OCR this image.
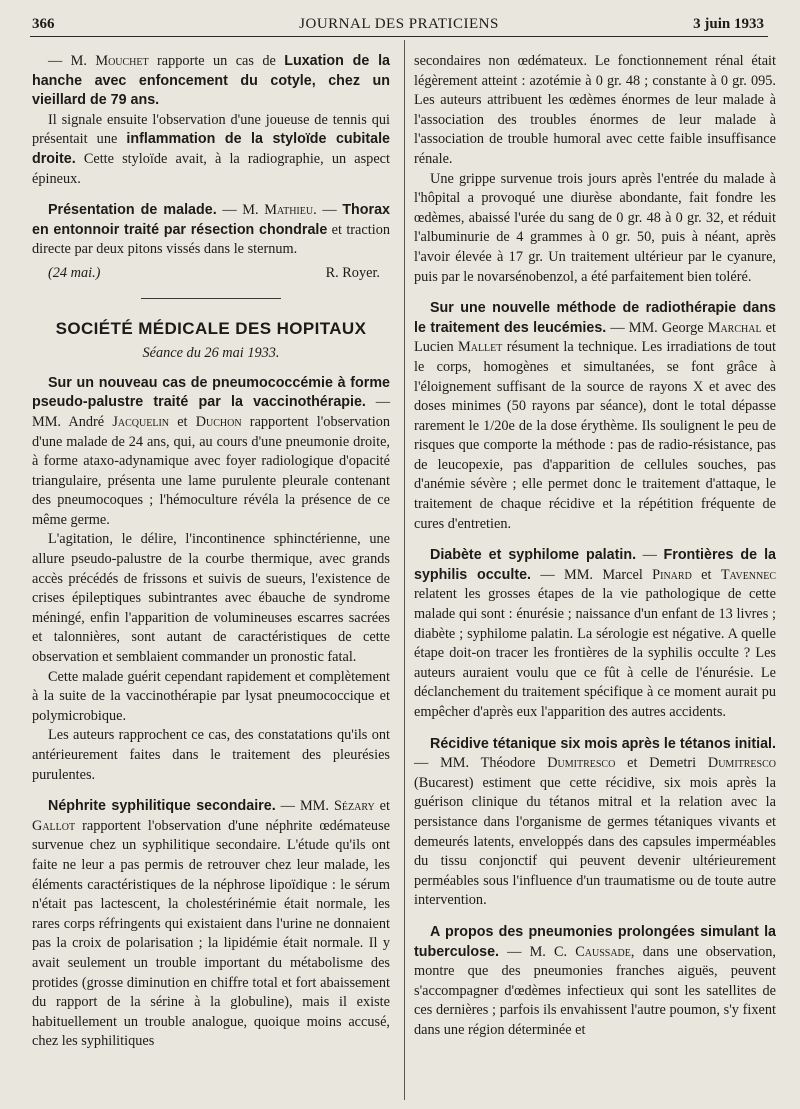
366	JOURNAL DES PRATICIENS	3 juin 1933

— M. Mouchet rapporte un cas de Luxation de la hanche avec enfoncement du cotyle, chez un vieillard de 79 ans.

Il signale ensuite l'observation d'une joueuse de tennis qui présentait une inflammation de la styloïde cubitale droite. Cette styloïde avait, à la radiographie, un aspect épineux.

Présentation de malade. — M. Mathieu. — Thorax en entonnoir traité par résection chondrale et traction directe par deux pitons vissés dans le sternum.

(24 mai.)	R. Royer.
SOCIÉTÉ MÉDICALE DES HOPITAUX
Séance du 26 mai 1933.

Sur un nouveau cas de pneumococcémie à forme pseudo-palustre traité par la vaccinothérapie. — MM. André Jacquelin et Duchon rapportent l'observation d'une malade de 24 ans, qui, au cours d'une pneumonie droite, à forme ataxo-adynamique avec foyer radiologique d'opacité triangulaire, présenta une lame purulente pleurale contenant des pneumocoques ; l'hémoculture révéla la présence de ce même germe.

L'agitation, le délire, l'incontinence sphinctérienne, une allure pseudo-palustre de la courbe thermique, avec grands accès précédés de frissons et suivis de sueurs, l'existence de crises épileptiques subintrantes avec ébauche de syndrome méningé, enfin l'apparition de volumineuses escarres sacrées et talonnières, sont autant de caractéristiques de cette observation et semblaient commander un pronostic fatal.

Cette malade guérit cependant rapidement et complètement à la suite de la vaccinothérapie par lysat pneumococcique et polymicrobique.

Les auteurs rapprochent ce cas, des constatations qu'ils ont antérieurement faites dans le traitement des pleurésies purulentes.

Néphrite syphilitique secondaire. — MM. Sézary et Gallot rapportent l'observation d'une néphrite œdémateuse survenue chez un syphilitique secondaire. L'étude qu'ils ont faite ne leur a pas permis de retrouver chez leur malade, les éléments caractéristiques de la néphrose lipoïdique : le sérum n'était pas lactescent, la cholestérinémie était normale, les rares corps réfringents qui existaient dans l'urine ne donnaient pas la croix de polarisation ; la lipidémie était normale. Il y avait seulement un trouble important du métabolisme des protides (grosse diminution en chiffre total et fort abaissement du rapport de la sérine à la globuline), mais il existe habituellement un trouble analogue, quoique moins accusé, chez les syphilitiques

secondaires non œdémateux. Le fonctionnement rénal était légèrement atteint : azotémie à 0 gr. 48 ; constante à 0 gr. 095. Les auteurs attribuent les œdèmes énormes de leur malade à l'association des troubles énormes de leur malade à l'association de trouble humoral avec cette faible insuffisance rénale.

Une grippe survenue trois jours après l'entrée du malade à l'hôpital a provoqué une diurèse abondante, fait fondre les œdèmes, abaissé l'urée du sang de 0 gr. 48 à 0 gr. 32, et réduit l'albuminurie de 4 grammes à 0 gr. 50, puis à néant, après l'avoir élevée à 17 gr. Un traitement ultérieur par le cyanure, puis par le novarsénobenzol, a été parfaitement bien toléré.

Sur une nouvelle méthode de radiothérapie dans le traitement des leucémies. — MM. George Marchal et Lucien Mallet résument la technique. Les irradiations de tout le corps, homogènes et simultanées, se font grâce à l'éloignement suffisant de la source de rayons X et avec des doses minimes (50 rayons par séance), dont le total dépasse rarement le 1/20e de la dose érythème. Ils soulignent le peu de risques que comporte la méthode : pas de radio-résistance, pas de leucopexie, pas d'apparition de cellules souches, pas d'anémie sévère ; elle permet donc le traitement d'attaque, le traitement de chaque récidive et la répétition fréquente de cures d'entretien.

Diabète et syphilome palatin. — Frontières de la syphilis occulte. — MM. Marcel Pinard et Tavennec relatent les grosses étapes de la vie pathologique de cette malade qui sont : énurésie ; naissance d'un enfant de 13 livres ; diabète ; syphilome palatin. La sérologie est négative. A quelle étape doit-on tracer les frontières de la syphilis occulte ? Les auteurs auraient voulu que ce fût à celle de l'énurésie. Le déclanchement du traitement spécifique à ce moment aurait pu empêcher d'après eux l'apparition des autres accidents.

Récidive tétanique six mois après le tétanos initial. — MM. Théodore Dumitresco et Demetri Dumitresco (Bucarest) estiment que cette récidive, six mois après la guérison clinique du tétanos mitral et la relation avec la persistance dans l'organisme de germes tétaniques vivants et demeurés latents, enveloppés dans des capsules imperméables du tissu conjonctif qui peuvent devenir ultérieurement perméables sous l'influence d'un traumatisme ou de toute autre intervention.

A propos des pneumonies prolongées simulant la tuberculose. — M. C. Caussade, dans une observation, montre que des pneumonies franches aiguës, peuvent s'accompagner d'œdèmes infectieux qui sont les satellites de ces dernières ; parfois ils envahissent l'autre poumon, s'y fixent dans une région déterminée et
